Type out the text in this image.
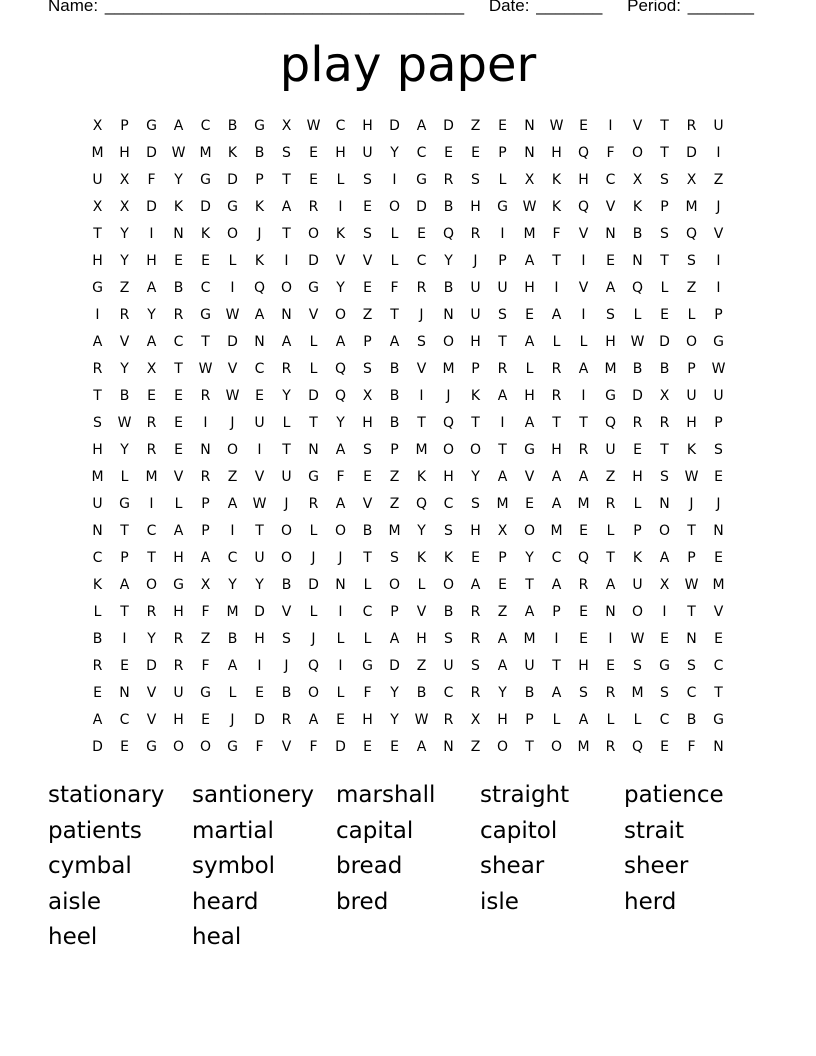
Name: ______________________________________ Date: _______ Period: _______
play paper
X	P	G	A	C	B	G	X	W	C	H	D	A	D	Z	E	N	W	E	I	V	T	R	U
M	H	D	W	M	K	B	S	E	H	U	Y	C	E	E	P	N	H	Q	F	O	T	D	I
U	X	F	Y	G	D	P	T	E	L	S	I	G	R	S	L	X	K	H	C	X	S	X	Z
X	X	D	K	D	G	K	A	R	I	E	O	D	B	H	G	W	K	Q	V	K	P	M	J
T	Y	I	N	K	O	J	T	O	K	S	L	E	Q	R	I	M	F	V	N	B	S	Q	V
H	Y	H	E	E	L	K	I	D	V	V	L	C	Y	J	P	A	T	I	E	N	T	S	I
G	Z	A	B	C	I	Q	O	G	Y	E	F	R	B	U	U	H	I	V	A	Q	L	Z	I
I	R	Y	R	G	W	A	N	V	O	Z	T	J	N	U	S	E	A	I	S	L	E	L	P
A	V	A	C	T	D	N	A	L	A	P	A	S	O	H	T	A	L	L	H	W	D	O	G
R	Y	X	T	W	V	C	R	L	Q	S	B	V	M	P	R	L	R	A	M	B	B	P	W
T	B	E	E	R	W	E	Y	D	Q	X	B	I	J	K	A	H	R	I	G	D	X	U	U
S	W	R	E	I	J	U	L	T	Y	H	B	T	Q	T	I	A	T	T	Q	R	R	H	P
H	Y	R	E	N	O	I	T	N	A	S	P	M	O	O	T	G	H	R	U	E	T	K	S
M	L	M	V	R	Z	V	U	G	F	E	Z	K	H	Y	A	V	A	A	Z	H	S	W	E
U	G	I	L	P	A	W	J	R	A	V	Z	Q	C	S	M	E	A	M	R	L	N	J	J
N	T	C	A	P	I	T	O	L	O	B	M	Y	S	H	X	O	M	E	L	P	O	T	N
C	P	T	H	A	C	U	O	J	J	T	S	K	K	E	P	Y	C	Q	T	K	A	P	E
K	A	O	G	X	Y	Y	B	D	N	L	O	L	O	A	E	T	A	R	A	U	X	W	M
L	T	R	H	F	M	D	V	L	I	C	P	V	B	R	Z	A	P	E	N	O	I	T	V
B	I	Y	R	Z	B	H	S	J	L	L	A	H	S	R	A	M	I	E	I	W	E	N	E
R	E	D	R	F	A	I	J	Q	I	G	D	Z	U	S	A	U	T	H	E	S	G	S	C
E	N	V	U	G	L	E	B	O	L	F	Y	B	C	R	Y	B	A	S	R	M	S	C	T
A	C	V	H	E	J	D	R	A	E	H	Y	W	R	X	H	P	L	A	L	L	C	B	G
D	E	G	O	O	G	F	V	F	D	E	E	A	N	Z	O	T	O	M	R	Q	E	F	N
stationary	santionery marshall	straight	patience
patients	martial	capital	capitol	strait
cymbal	symbol	bread	shear	sheer
aisle	heard	bred	isle	herd
heel	heal
